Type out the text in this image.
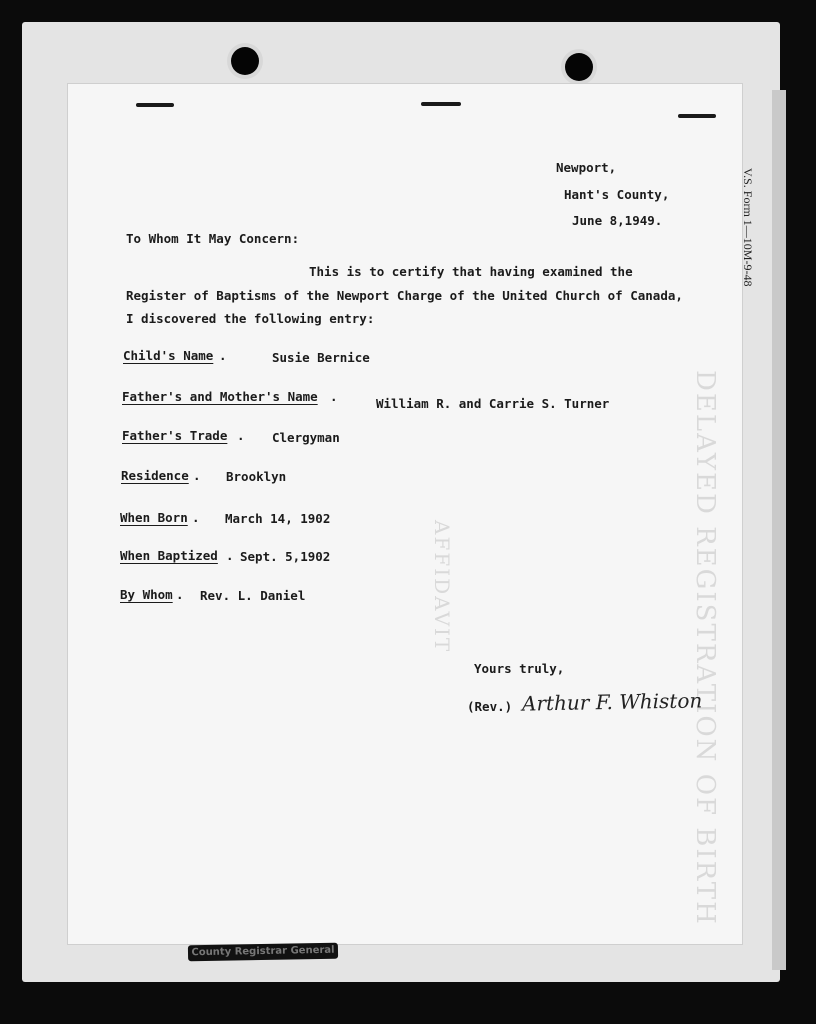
DELAYED REGISTRATION OF BIRTH
AFFIDAVIT
V.S. Form 1—10M-9-48
Newport,
Hant's County,
June 8,1949.
To Whom It May Concern:
This is to certify that having examined the
Register of Baptisms of the Newport Charge of the United Church of Canada,
I discovered the following entry:
Child's Name .	Susie Bernice
Father's and Mother's Name .	William R. and Carrie S. Turner
Father's Trade . Clergyman
Residence . Brooklyn
When Born . March 14, 1902
When Baptized . Sept. 5,1902
By Whom . Rev. L. Daniel
Yours truly,
(Rev.) Arthur F. Whiston
County Registrar General
